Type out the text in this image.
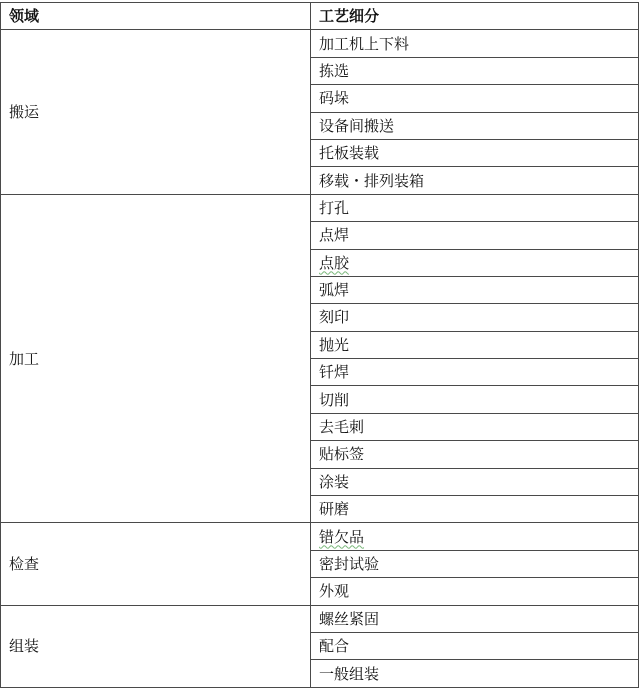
领域	工艺细分
搬运	加工机上下料
	拣选
	码垛
	设备间搬送
	托板装载
	移载・排列装箱
加工	打孔
	点焊
	点胶
	弧焊
	刻印
	抛光
	钎焊
	切削
	去毛刺
	贴标签
	涂装
	研磨
检查	错欠品
	密封试验
	外观
组装	螺丝紧固
	配合
	一般组装
